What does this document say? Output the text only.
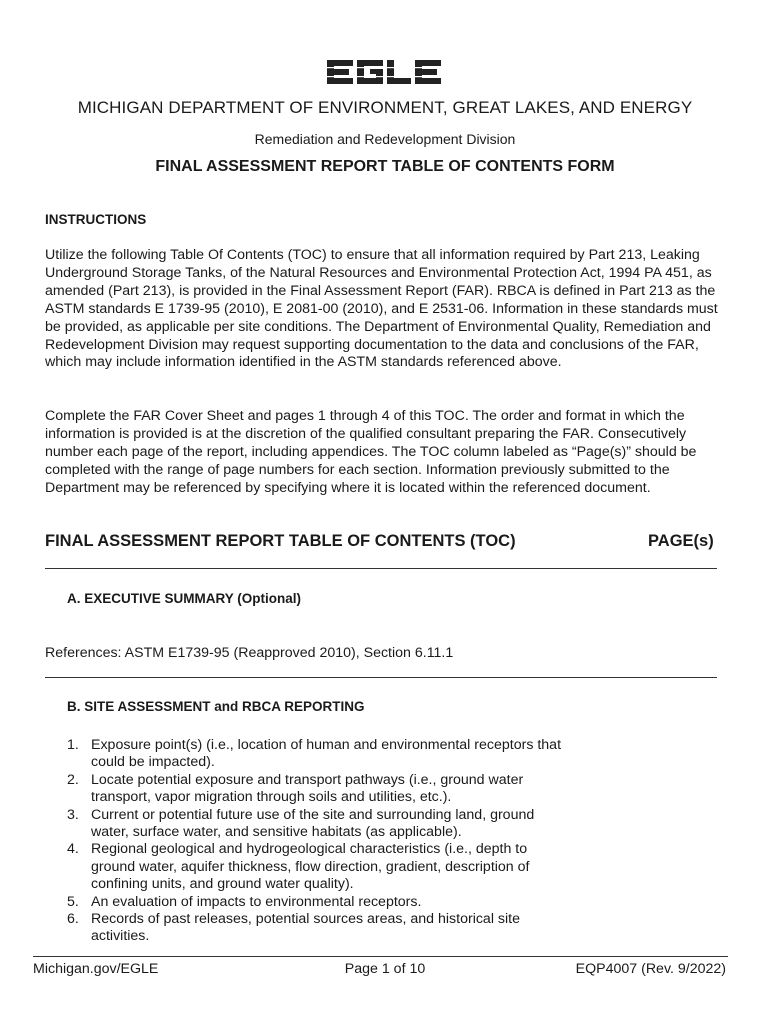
MICHIGAN DEPARTMENT OF ENVIRONMENT, GREAT LAKES, AND ENERGY
Remediation and Redevelopment Division
FINAL ASSESSMENT REPORT TABLE OF CONTENTS FORM
INSTRUCTIONS
Utilize the following Table Of Contents (TOC) to ensure that all information required by Part 213, Leaking Underground Storage Tanks, of the Natural Resources and Environmental Protection Act, 1994 PA 451, as amended (Part 213), is provided in the Final Assessment Report (FAR). RBCA is defined in Part 213 as the ASTM standards E 1739-95 (2010), E 2081-00 (2010), and E 2531-06. Information in these standards must be provided, as applicable per site conditions. The Department of Environmental Quality, Remediation and Redevelopment Division may request supporting documentation to the data and conclusions of the FAR, which may include information identified in the ASTM standards referenced above.
Complete the FAR Cover Sheet and pages 1 through 4 of this TOC. The order and format in which the information is provided is at the discretion of the qualified consultant preparing the FAR. Consecutively number each page of the report, including appendices. The TOC column labeled as “Page(s)” should be completed with the range of page numbers for each section. Information previously submitted to the Department may be referenced by specifying where it is located within the referenced document.
FINAL ASSESSMENT REPORT TABLE OF CONTENTS (TOC)	PAGE(s)
A. EXECUTIVE SUMMARY (Optional)
References: ASTM E1739-95 (Reapproved 2010), Section 6.11.1
B. SITE ASSESSMENT and RBCA REPORTING
1. Exposure point(s) (i.e., location of human and environmental receptors that could be impacted).
2. Locate potential exposure and transport pathways (i.e., ground water transport, vapor migration through soils and utilities, etc.).
3. Current or potential future use of the site and surrounding land, ground water, surface water, and sensitive habitats (as applicable).
4. Regional geological and hydrogeological characteristics (i.e., depth to ground water, aquifer thickness, flow direction, gradient, description of confining units, and ground water quality).
5. An evaluation of impacts to environmental receptors.
6. Records of past releases, potential sources areas, and historical site activities.
Michigan.gov/EGLE	Page 1 of 10	EQP4007 (Rev. 9/2022)
